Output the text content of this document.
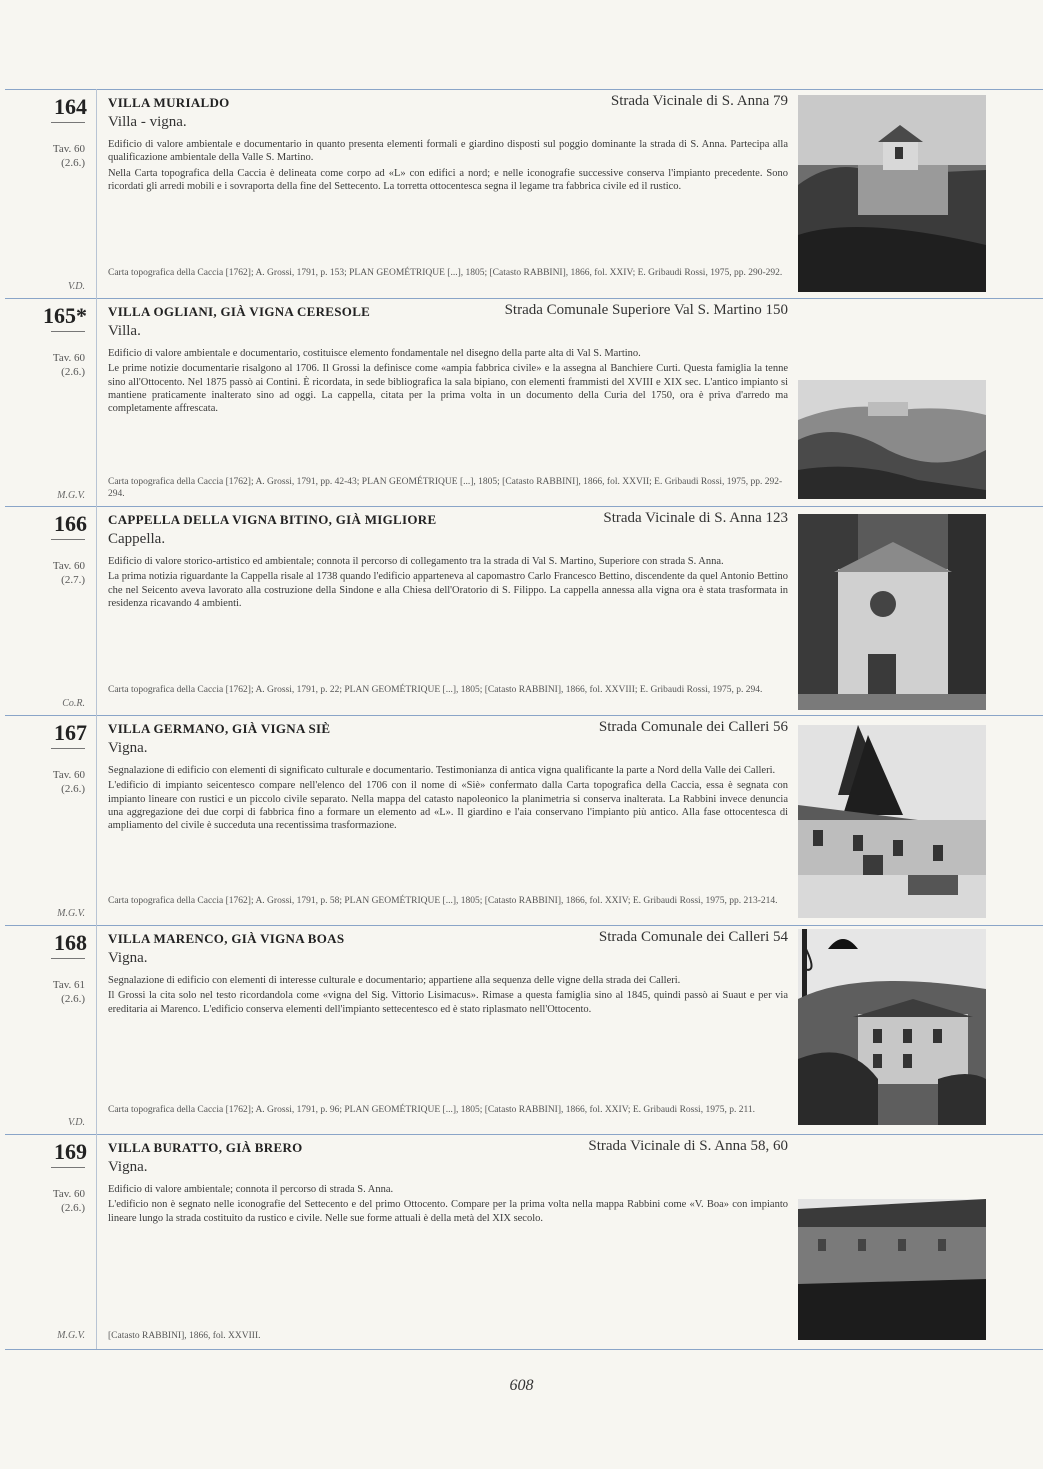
164
Tav. 60
(2.6.)
V.D.
VILLA MURIALDO	Strada Vicinale di S. Anna 79
Villa - vigna.

Edificio di valore ambientale e documentario in quanto presenta elementi formali e giardino disposti sul poggio dominante la strada di S. Anna. Partecipa alla qualificazione ambientale della Valle S. Martino.

Nella Carta topografica della Caccia è delineata come corpo ad «L» con edifici a nord; e nelle iconografie successive conserva l'impianto precedente. Sono ricordati gli arredi mobili e i sovraporta della fine del Settecento. La torretta ottocentesca segna il legame tra fabbrica civile ed il rustico.

Carta topografica della Caccia [1762]; A. Grossi, 1791, p. 153; PLAN GEOMÉTRIQUE [...], 1805; [Catasto RABBINI], 1866, fol. XXIV; E. Gribaudi Rossi, 1975, pp. 290-292.
165*
Tav. 60
(2.6.)
M.G.V.
VILLA OGLIANI, GIÀ VIGNA CERESOLE	Strada Comunale Superiore Val S. Martino 150
Villa.

Edificio di valore ambientale e documentario, costituisce elemento fondamentale nel disegno della parte alta di Val S. Martino.

Le prime notizie documentarie risalgono al 1706. Il Grossi la definisce come «ampia fabbrica civile» e la assegna al Banchiere Curti. Questa famiglia la tenne sino all'Ottocento. Nel 1875 passò ai Contini. È ricordata, in sede bibliografica la sala bipiano, con elementi frammisti del XVIII e XIX sec. L'antico impianto si mantiene praticamente inalterato sino ad oggi. La cappella, citata per la prima volta in un documento della Curia del 1750, ora è priva d'arredo ma completamente affrescata.

Carta topografica della Caccia [1762]; A. Grossi, 1791, pp. 42-43; PLAN GEOMÉTRIQUE [...], 1805; [Catasto RABBINI], 1866, fol. XXVII; E. Gribaudi Rossi, 1975, pp. 292-294.
166
Tav. 60
(2.7.)
Co.R.
CAPPELLA DELLA VIGNA BITINO, GIÀ MIGLIORE	Strada Vicinale di S. Anna 123
Cappella.

Edificio di valore storico-artistico ed ambientale; connota il percorso di collegamento tra la strada di Val S. Martino, Superiore con strada S. Anna.

La prima notizia riguardante la Cappella risale al 1738 quando l'edificio apparteneva al capomastro Carlo Francesco Bettino, discendente da quel Antonio Bettino che nel Seicento aveva lavorato alla costruzione della Sindone e alla Chiesa dell'Oratorio di S. Filippo. La cappella annessa alla vigna ora è stata trasformata in residenza ricavando 4 ambienti.

Carta topografica della Caccia [1762]; A. Grossi, 1791, p. 22; PLAN GEOMÉTRIQUE [...], 1805; [Catasto RABBINI], 1866, fol. XXVIII; E. Gribaudi Rossi, 1975, p. 294.
167
Tav. 60
(2.6.)
M.G.V.
VILLA GERMANO, GIÀ VIGNA SIÈ	Strada Comunale dei Calleri 56
Vigna.

Segnalazione di edificio con elementi di significato culturale e documentario. Testimonianza di antica vigna qualificante la parte a Nord della Valle dei Calleri.

L'edificio di impianto seicentesco compare nell'elenco del 1706 con il nome di «Siè» confermato dalla Carta topografica della Caccia, essa è segnata con impianto lineare con rustici e un piccolo civile separato. Nella mappa del catasto napoleonico la planimetria si conserva inalterata. La Rabbini invece denuncia una aggregazione dei due corpi di fabbrica fino a formare un elemento ad «L». Il giardino e l'aia conservano l'impianto più antico. Alla fase ottocentesca di ampliamento del civile è succeduta una recentissima trasformazione.

Carta topografica della Caccia [1762]; A. Grossi, 1791, p. 58; PLAN GEOMÉTRIQUE [...], 1805; [Catasto RABBINI], 1866, fol. XXIV; E. Gribaudi Rossi, 1975, pp. 213-214.
168
Tav. 61
(2.6.)
V.D.
VILLA MARENCO, GIÀ VIGNA BOAS	Strada Comunale dei Calleri 54
Vigna.

Segnalazione di edificio con elementi di interesse culturale e documentario; appartiene alla sequenza delle vigne della strada dei Calleri.

Il Grossi la cita solo nel testo ricordandola come «vigna del Sig. Vittorio Lisimacus». Rimase a questa famiglia sino al 1845, quindi passò ai Suaut e per via ereditaria ai Marenco. L'edificio conserva elementi dell'impianto settecentesco ed è stato riplasmato nell'Ottocento.

Carta topografica della Caccia [1762]; A. Grossi, 1791, p. 96; PLAN GEOMÉTRIQUE [...], 1805; [Catasto RABBINI], 1866, fol. XXIV; E. Gribaudi Rossi, 1975, p. 211.
169
Tav. 60
(2.6.)
M.G.V.
VILLA BURATTO, GIÀ BRERO	Strada Vicinale di S. Anna 58, 60
Vigna.

Edificio di valore ambientale; connota il percorso di strada S. Anna.

L'edificio non è segnato nelle iconografie del Settecento e del primo Ottocento. Compare per la prima volta nella mappa Rabbini come «V. Boa» con impianto lineare lungo la strada costituito da rustico e civile. Nelle sue forme attuali è della metà del XIX secolo.

[Catasto RABBINI], 1866, fol. XXVIII.
608
